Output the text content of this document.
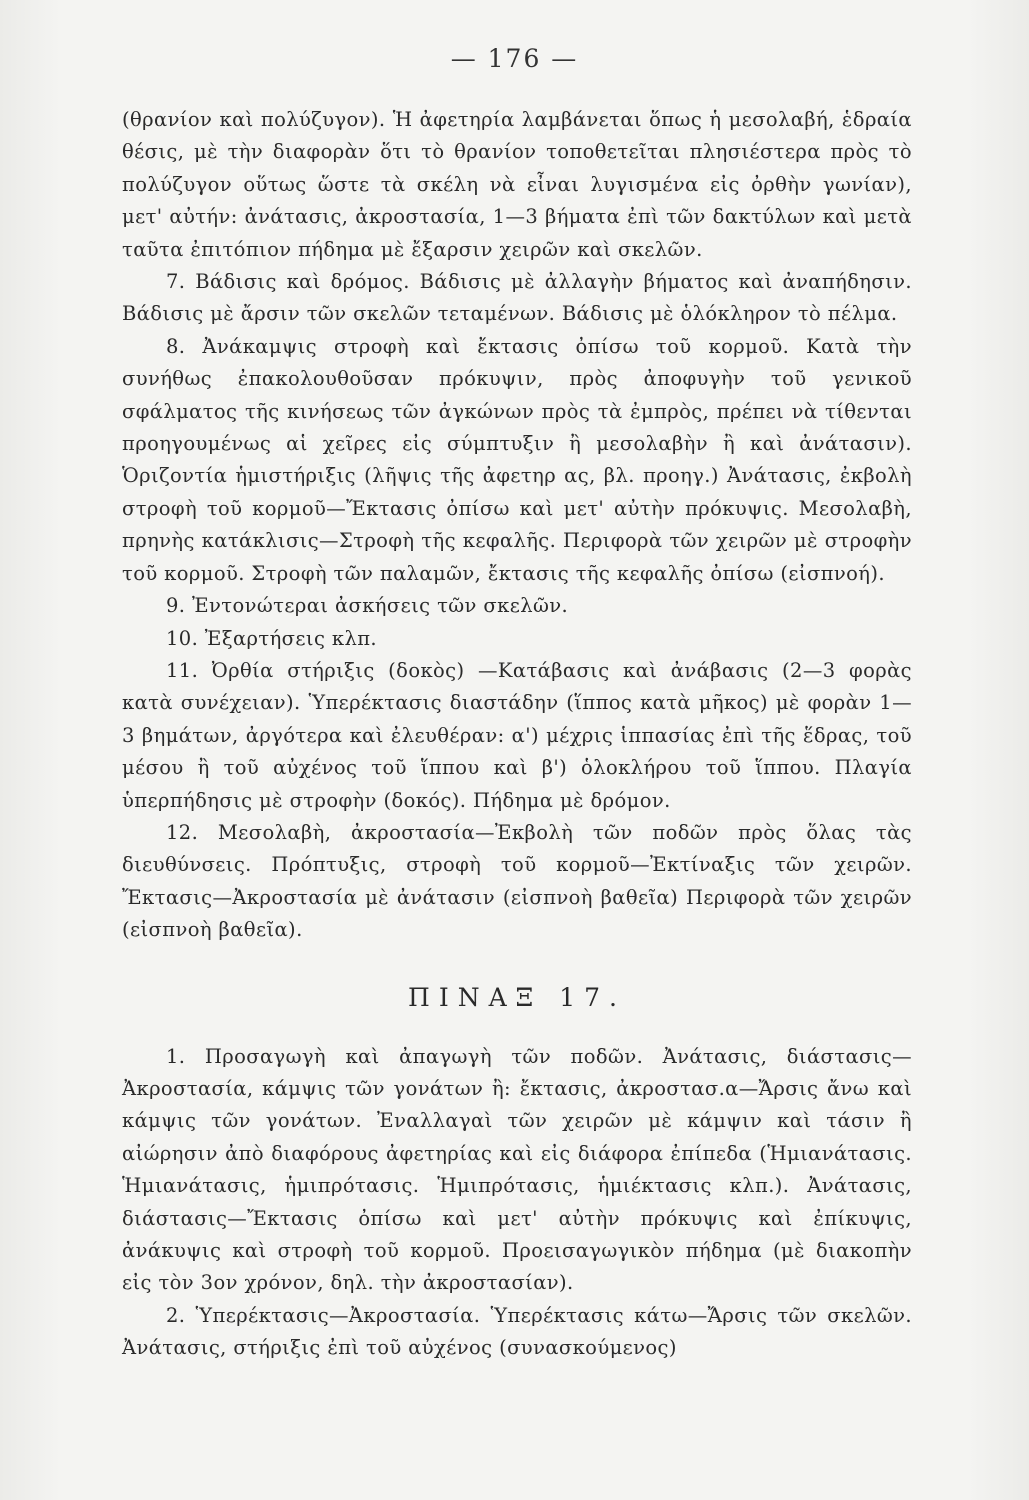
— 176 —

(θρανίον καὶ πολύζυγον). Ἡ ἀφετηρία λαμβάνεται ὅπως ἡ μεσολαβή, ἑδραία θέσις, μὲ τὴν διαφορὰν ὅτι τὸ θρανίον τοποθετεῖται πλησιέστερα πρὸς τὸ πολύζυγον οὕτως ὥστε τὰ σκέλη νὰ εἶναι λυγισμένα εἰς ὀρθὴν γωνίαν), μετ' αὐτήν: ἀνάτασις, ἀκροστασία, 1—3 βήματα ἐπὶ τῶν δακτύλων καὶ μετὰ ταῦτα ἐπιτόπιον πήδημα μὲ ἔξαρσιν χειρῶν καὶ σκελῶν.

7. Βάδισις καὶ δρόμος. Βάδισις μὲ ἀλλαγὴν βήματος καὶ ἀναπήδησιν. Βάδισις μὲ ἄρσιν τῶν σκελῶν τεταμένων. Βάδισις μὲ ὁλόκληρον τὸ πέλμα.

8. Ἀνάκαμψις στροφὴ καὶ ἔκτασις ὀπίσω τοῦ κορμοῦ. Κατὰ τὴν συνήθως ἐπακολουθοῦσαν πρόκυψιν, πρὸς ἀποφυγὴν τοῦ γενικοῦ σφάλματος τῆς κινήσεως τῶν ἀγκώνων πρὸς τὰ ἐμπρὸς, πρέπει νὰ τίθενται προηγουμένως αἱ χεῖρες εἰς σύμπτυξιν ἢ μεσολαβὴν ἢ καὶ ἀνάτασιν). Ὁριζοντία ἡμιστήριξις (λῆψις τῆς ἀφετηρ ας, βλ. προηγ.) Ἀνάτασις, ἐκβολὴ στροφὴ τοῦ κορμοῦ—Ἔκτασις ὀπίσω καὶ μετ' αὐτὴν πρόκυψις. Μεσολαβὴ, πρηνὴς κατάκλισις—Στροφὴ τῆς κεφαλῆς. Περιφορὰ τῶν χειρῶν μὲ στροφὴν τοῦ κορμοῦ. Στροφὴ τῶν παλαμῶν, ἔκτασις τῆς κεφαλῆς ὀπίσω (εἰσπνοή).

9. Ἐντονώτεραι ἀσκήσεις τῶν σκελῶν.

10. Ἐξαρτήσεις κλπ.

11. Ὀρθία στήριξις (δοκὸς) —Κατάβασις καὶ ἀνάβασις (2—3 φορὰς κατὰ συνέχειαν). Ὑπερέκτασις διαστάδην (ἵππος κατὰ μῆκος) μὲ φορὰν 1—3 βημάτων, ἀργότερα καὶ ἐλευθέραν: α') μέχρις ἱππασίας ἐπὶ τῆς ἕδρας, τοῦ μέσου ἢ τοῦ αὐχένος τοῦ ἵππου καὶ β') ὁλοκλήρου τοῦ ἵππου. Πλαγία ὑπερπήδησις μὲ στροφὴν (δοκός). Πήδημα μὲ δρόμον.

12. Μεσολαβὴ, ἀκροστασία—Ἐκβολὴ τῶν ποδῶν πρὸς ὅλας τὰς διευθύνσεις. Πρόπτυξις, στροφὴ τοῦ κορμοῦ—Ἐκτίναξις τῶν χειρῶν. Ἔκτασις—Ἀκροστασία μὲ ἀνάτασιν (εἰσπνοὴ βαθεῖα) Περιφορὰ τῶν χειρῶν (εἰσπνοὴ βαθεῖα).

ΠΙΝΑΞ 17.

1. Προσαγωγὴ καὶ ἀπαγωγὴ τῶν ποδῶν. Ἀνάτασις, διάστασις—Ἀκροστασία, κάμψις τῶν γονάτων ἢ: ἔκτασις, ἀκροστασ.α—Ἄρσις ἄνω καὶ κάμψις τῶν γονάτων. Ἐναλλαγαὶ τῶν χειρῶν μὲ κάμψιν καὶ τάσιν ἢ αἰώρησιν ἀπὸ διαφόρους ἀφετηρίας καὶ εἰς διάφορα ἐπίπεδα (Ἡμιανάτασις. Ἡμιανάτασις, ἡμιπρότασις. Ἡμιπρότασις, ἡμιέκτασις κλπ.). Ἀνάτασις, διάστασις—Ἔκτασις ὀπίσω καὶ μετ' αὐτὴν πρόκυψις καὶ ἐπίκυψις, ἀνάκυψις καὶ στροφὴ τοῦ κορμοῦ. Προεισαγωγικὸν πήδημα (μὲ διακοπὴν εἰς τὸν 3ον χρόνον, δηλ. τὴν ἀκροστασίαν).

2. Ὑπερέκτασις—Ἀκροστασία. Ὑπερέκτασις κάτω—Ἄρσις τῶν σκελῶν. Ἀνάτασις, στήριξις ἐπὶ τοῦ αὐχένος (συνασκούμενος)
